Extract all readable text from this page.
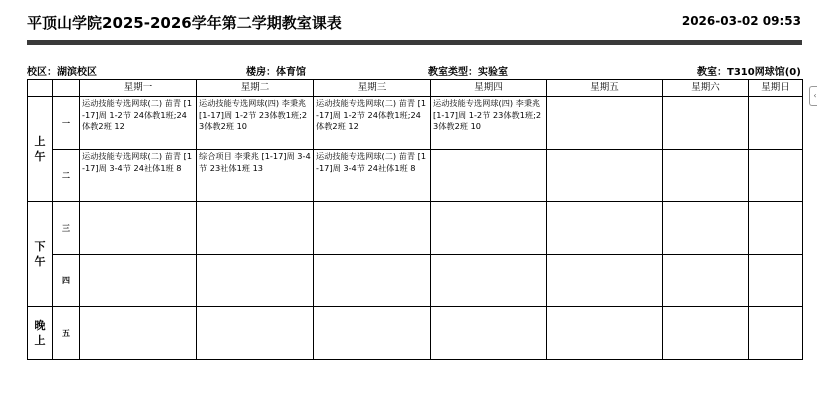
平顶山学院2025-2026学年第二学期教室课表	2026-03-02 09:53
校区：湖滨校区	楼房：体育馆	教室类型：实验室	教室：T310网球馆(0)
‹
		星期一	星期二	星期三	星期四	星期五	星期六	星期日
上午	一	运动技能专选网球(二) 苗青 [1-17]周 1-2节 24体教1班;24体教2班 12	运动技能专选网球(四) 李秉兆 [1-17]周 1-2节 23体教1班;23体教2班 10	运动技能专选网球(二) 苗青 [1-17]周 1-2节 24体教1班;24体教2班 12	运动技能专选网球(四) 李秉兆 [1-17]周 1-2节 23体教1班;23体教2班 10			

	二	运动技能专选网球(二) 苗青 [1-17]周 3-4节 24社体1班 8	综合项目 李秉兆 [1-17]周 3-4节 23社体1班 13	运动技能专选网球(二) 苗青 [1-17]周 3-4节 24社体1班 8				

下午	三							
	四							
晚上	五							
